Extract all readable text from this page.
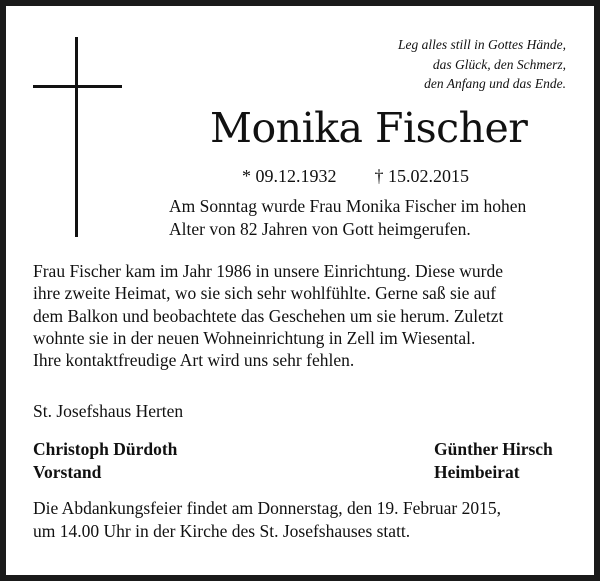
Leg alles still in Gottes Hände,
das Glück, den Schmerz,
den Anfang und das Ende.
Monika Fischer
* 09.12.1932 † 15.02.2015
Am Sonntag wurde Frau Monika Fischer im hohen
Alter von 82 Jahren von Gott heimgerufen.
Frau Fischer kam im Jahr 1986 in unsere Einrichtung. Diese wurde
ihre zweite Heimat, wo sie sich sehr wohlfühlte. Gerne saß sie auf
dem Balkon und beobachtete das Geschehen um sie herum. Zuletzt
wohnte sie in der neuen Wohneinrichtung in Zell im Wiesental.
Ihre kontaktfreudige Art wird uns sehr fehlen.
St. Josefshaus Herten
Christoph Dürdoth
Vorstand
Günther Hirsch
Heimbeirat
Die Abdankungsfeier findet am Donnerstag, den 19. Februar 2015,
um 14.00 Uhr in der Kirche des St. Josefshauses statt.
